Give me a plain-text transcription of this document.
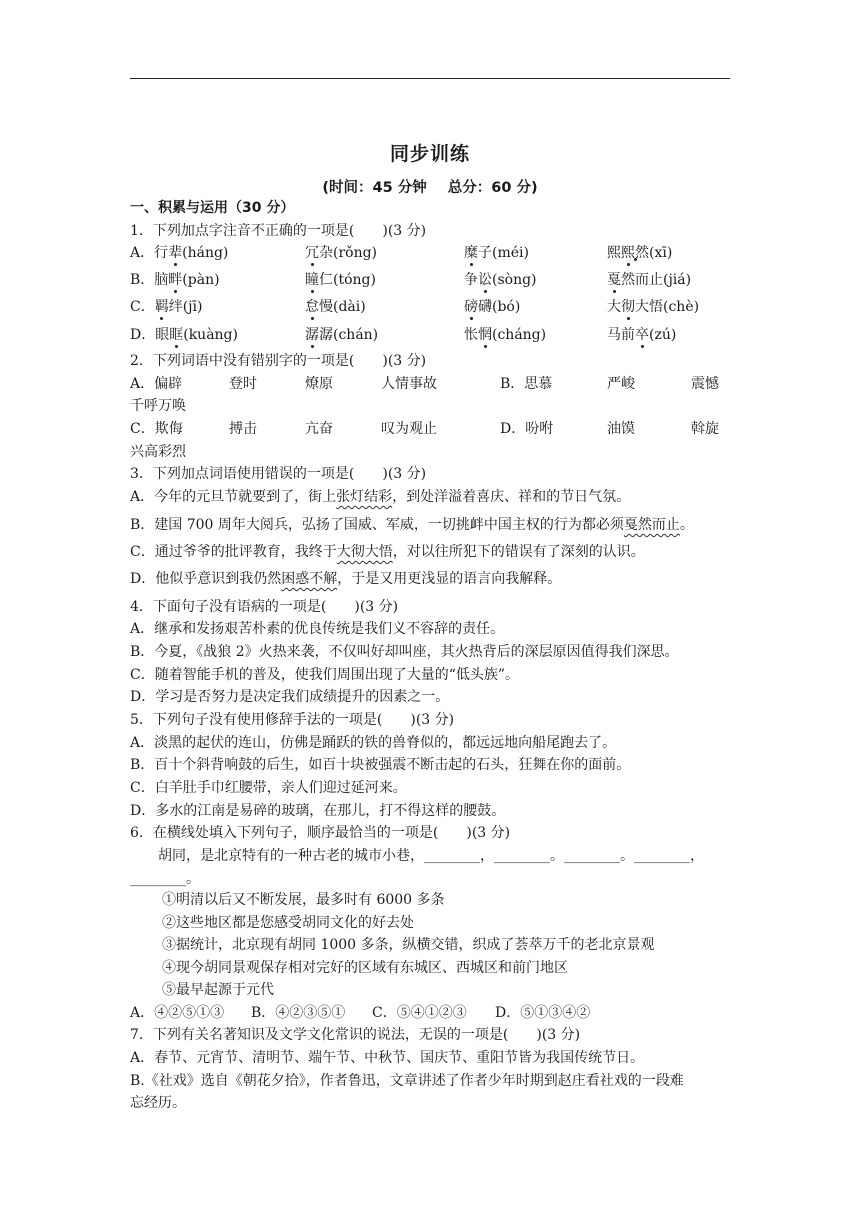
同步训练
(时间：45 分钟 总分：60 分)
一、积累与运用（30 分）
1．下列加点字注音不正确的一项是(　　)(3 分)
A．行辈(háng)	冗杂(rǒng)	糜子(méi)	熙熙然(xī)
B．脑畔(pàn)	瞳仁(tóng)	争讼(sòng)	戛然而止(jiá)
C．羁绊(jī)	怠慢(dài)	磅礴(bó)	大彻大悟(chè)
D．眼眶(kuàng)	潺潺(chán)	怅惘(cháng)	马前卒(zú)
2．下列词语中没有错别字的一项是(　　)(3 分)
A．偏辟	登时	燎原	人情事故	B．思慕	严峻	震憾
千呼万唤
C．欺侮	搏击	亢奋	叹为观止	D．吩咐	油馍	斡旋
兴高彩烈
3．下列加点词语使用错误的一项是(　　)(3 分)
A．今年的元旦节就要到了，街上张灯结彩，到处洋溢着喜庆、祥和的节日气氛。
B．建国 700 周年大阅兵，弘扬了国威、军威，一切挑衅中国主权的行为都必须戛然而止。
C．通过爷爷的批评教育，我终于大彻大悟，对以往所犯下的错误有了深刻的认识。
D．他似乎意识到我仍然困惑不解，于是又用更浅显的语言向我解释。
4．下面句子没有语病的一项是(　　)(3 分)
A．继承和发扬艰苦朴素的优良传统是我们义不容辞的责任。
B．今夏，《战狼 2》火热来袭，不仅叫好却叫座，其火热背后的深层原因值得我们深思。
C．随着智能手机的普及，使我们周围出现了大量的“低头族”。
D．学习是否努力是决定我们成绩提升的因素之一。
5．下列句子没有使用修辞手法的一项是(　　)(3 分)
A．淡黑的起伏的连山，仿佛是踊跃的铁的兽脊似的，都远远地向船尾跑去了。
B．百十个斜背响鼓的后生，如百十块被强震不断击起的石头，狂舞在你的面前。
C．白羊肚手巾红腰带，亲人们迎过延河来。
D．多水的江南是易碎的玻璃，在那儿，打不得这样的腰鼓。
6．在横线处填入下列句子，顺序最恰当的一项是(　　)(3 分)
胡同，是北京特有的一种古老的城市小巷，________，________。________。________，
________。
①明清以后又不断发展，最多时有 6000 多条
②这些地区都是您感受胡同文化的好去处
③据统计，北京现有胡同 1000 多条，纵横交错，织成了荟萃万千的老北京景观
④现今胡同景观保存相对完好的区域有东城区、西城区和前门地区
⑤最早起源于元代
A．④②⑤①③ B．④②③⑤① C．⑤④①②③ D．⑤①③④②
7．下列有关名著知识及文学文化常识的说法，无误的一项是(　　)(3 分)
A．春节、元宵节、清明节、端午节、中秋节、国庆节、重阳节皆为我国传统节日。
B.《社戏》选自《朝花夕拾》，作者鲁迅，文章讲述了作者少年时期到赵庄看社戏的一段难
忘经历。
